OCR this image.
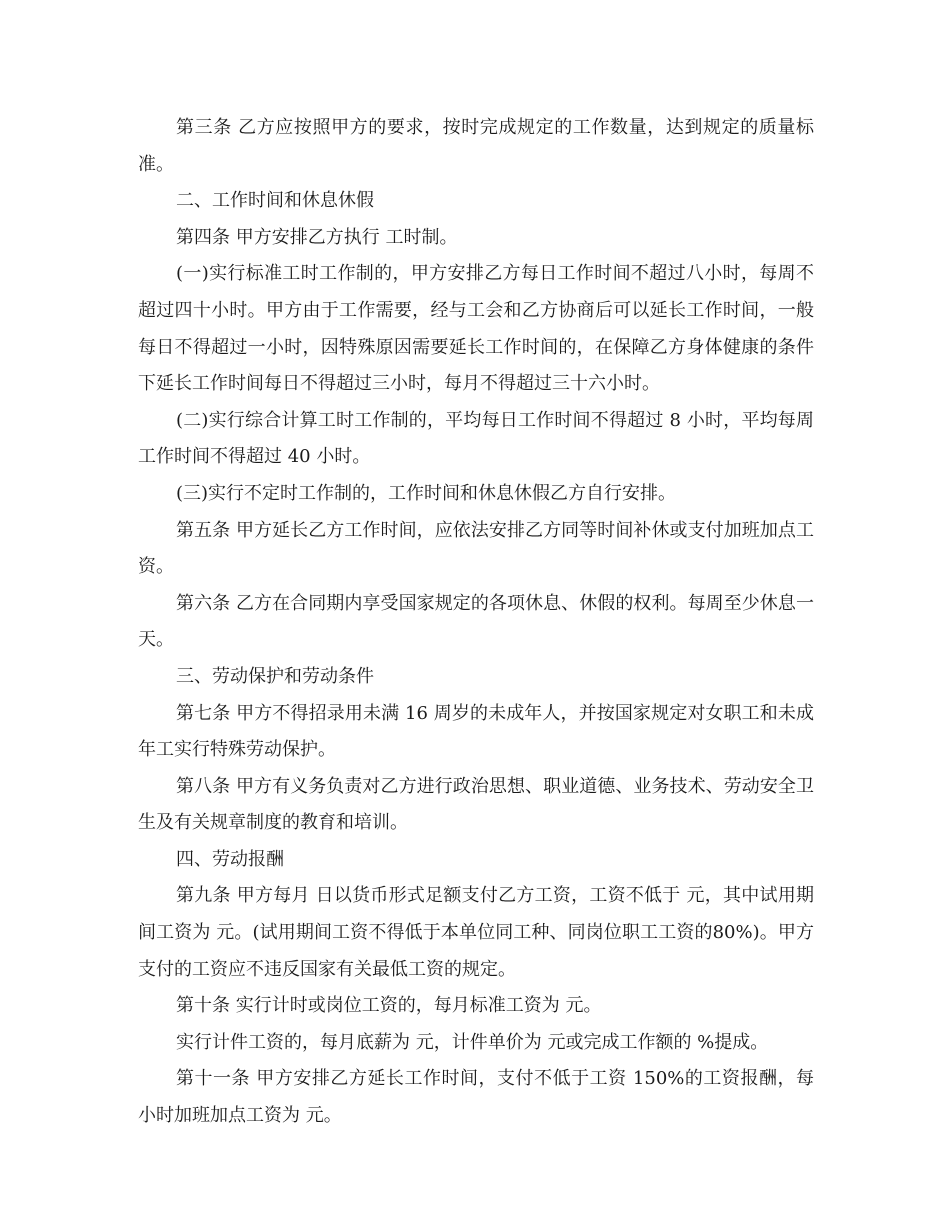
第三条 乙方应按照甲方的要求，按时完成规定的工作数量，达到规定的质量标准。

二、工作时间和休息休假

第四条 甲方安排乙方执行 工时制。

(一)实行标准工时工作制的，甲方安排乙方每日工作时间不超过八小时，每周不超过四十小时。甲方由于工作需要，经与工会和乙方协商后可以延长工作时间，一般每日不得超过一小时，因特殊原因需要延长工作时间的，在保障乙方身体健康的条件下延长工作时间每日不得超过三小时，每月不得超过三十六小时。

(二)实行综合计算工时工作制的，平均每日工作时间不得超过 8 小时，平均每周工作时间不得超过 40 小时。

(三)实行不定时工作制的，工作时间和休息休假乙方自行安排。

第五条 甲方延长乙方工作时间，应依法安排乙方同等时间补休或支付加班加点工资。

第六条 乙方在合同期内享受国家规定的各项休息、休假的权利。每周至少休息一天。

三、劳动保护和劳动条件

第七条 甲方不得招录用未满 16 周岁的未成年人，并按国家规定对女职工和未成年工实行特殊劳动保护。

第八条 甲方有义务负责对乙方进行政治思想、职业道德、业务技术、劳动安全卫生及有关规章制度的教育和培训。

四、劳动报酬

第九条 甲方每月 日以货币形式足额支付乙方工资，工资不低于 元，其中试用期间工资为 元。(试用期间工资不得低于本单位同工种、同岗位职工工资的80%)。甲方支付的工资应不违反国家有关最低工资的规定。

第十条 实行计时或岗位工资的，每月标准工资为 元。

实行计件工资的，每月底薪为 元，计件单价为 元或完成工作额的 %提成。

第十一条 甲方安排乙方延长工作时间，支付不低于工资 150%的工资报酬，每小时加班加点工资为 元。
